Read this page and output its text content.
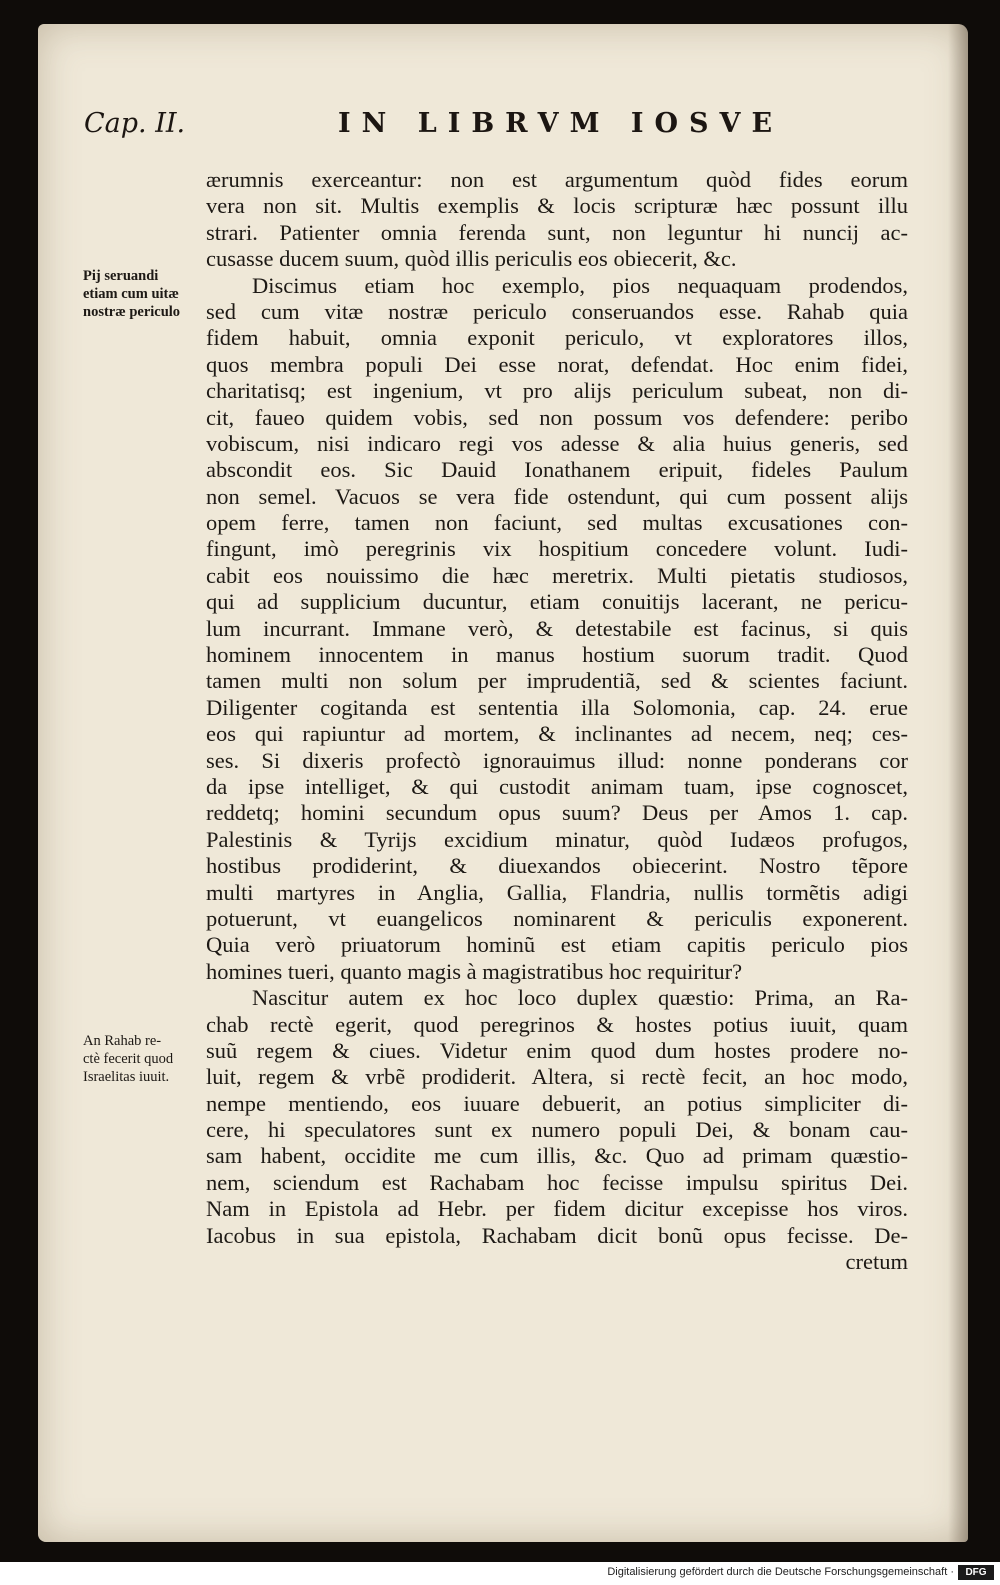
Cap. II.	IN LIBRVM IOSVE
Pij seruandi
etiam cum uitæ
nostræ periculo
An Rahab re-
ctè fecerit quod
Israelitas iuuit.
ærumnis exerceantur: non est argumentum quòd fides eorum
vera non sit. Multis exemplis & locis scripturæ hæc possunt illu
strari. Patienter omnia ferenda sunt, non leguntur hi nuncij ac-
cusasse ducem suum, quòd illis periculis eos obiecerit, &c.
Discimus etiam hoc exemplo, pios nequaquam prodendos,
sed cum vitæ nostræ periculo conseruandos esse. Rahab quia
fidem habuit, omnia exponit periculo, vt exploratores illos,
quos membra populi Dei esse norat, defendat. Hoc enim fidei,
charitatisq; est ingenium, vt pro alijs periculum subeat, non di-
cit, faueo quidem vobis, sed non possum vos defendere: peribo
vobiscum, nisi indicaro regi vos adesse & alia huius generis, sed
abscondit eos. Sic Dauid Ionathanem eripuit, fideles Paulum
non semel. Vacuos se vera fide ostendunt, qui cum possent alijs
opem ferre, tamen non faciunt, sed multas excusationes con-
fingunt, imò peregrinis vix hospitium concedere volunt. Iudi-
cabit eos nouissimo die hæc meretrix. Multi pietatis studiosos,
qui ad supplicium ducuntur, etiam conuitijs lacerant, ne pericu-
lum incurrant. Immane verò, & detestabile est facinus, si quis
hominem innocentem in manus hostium suorum tradit. Quod
tamen multi non solum per imprudentiã, sed & scientes faciunt.
Diligenter cogitanda est sententia illa Solomonia, cap. 24. erue
eos qui rapiuntur ad mortem, & inclinantes ad necem, neq; ces-
ses. Si dixeris profectò ignorauimus illud: nonne ponderans cor
da ipse intelliget, & qui custodit animam tuam, ipse cognoscet,
reddetq; homini secundum opus suum? Deus per Amos 1. cap.
Palestinis & Tyrijs excidium minatur, quòd Iudæos profugos,
hostibus prodiderint, & diuexandos obiecerint. Nostro tẽpore
multi martyres in Anglia, Gallia, Flandria, nullis tormẽtis adigi
potuerunt, vt euangelicos nominarent & periculis exponerent.
Quia verò priuatorum hominũ est etiam capitis periculo pios
homines tueri, quanto magis à magistratibus hoc requiritur?
Nascitur autem ex hoc loco duplex quæstio: Prima, an Ra-
chab rectè egerit, quod peregrinos & hostes potius iuuit, quam
suũ regem & ciues. Videtur enim quod dum hostes prodere no-
luit, regem & vrbẽ prodiderit. Altera, si rectè fecit, an hoc modo,
nempe mentiendo, eos iuuare debuerit, an potius simpliciter di-
cere, hi speculatores sunt ex numero populi Dei, & bonam cau-
sam habent, occidite me cum illis, &c. Quo ad primam quæstio-
nem, sciendum est Rachabam hoc fecisse impulsu spiritus Dei.
Nam in Epistola ad Hebr. per fidem dicitur excepisse hos viros.
Iacobus in sua epistola, Rachabam dicit bonũ opus fecisse. De-
cretum
Digitalisierung gefördert durch die Deutsche Forschungsgemeinschaft ·	DFG
